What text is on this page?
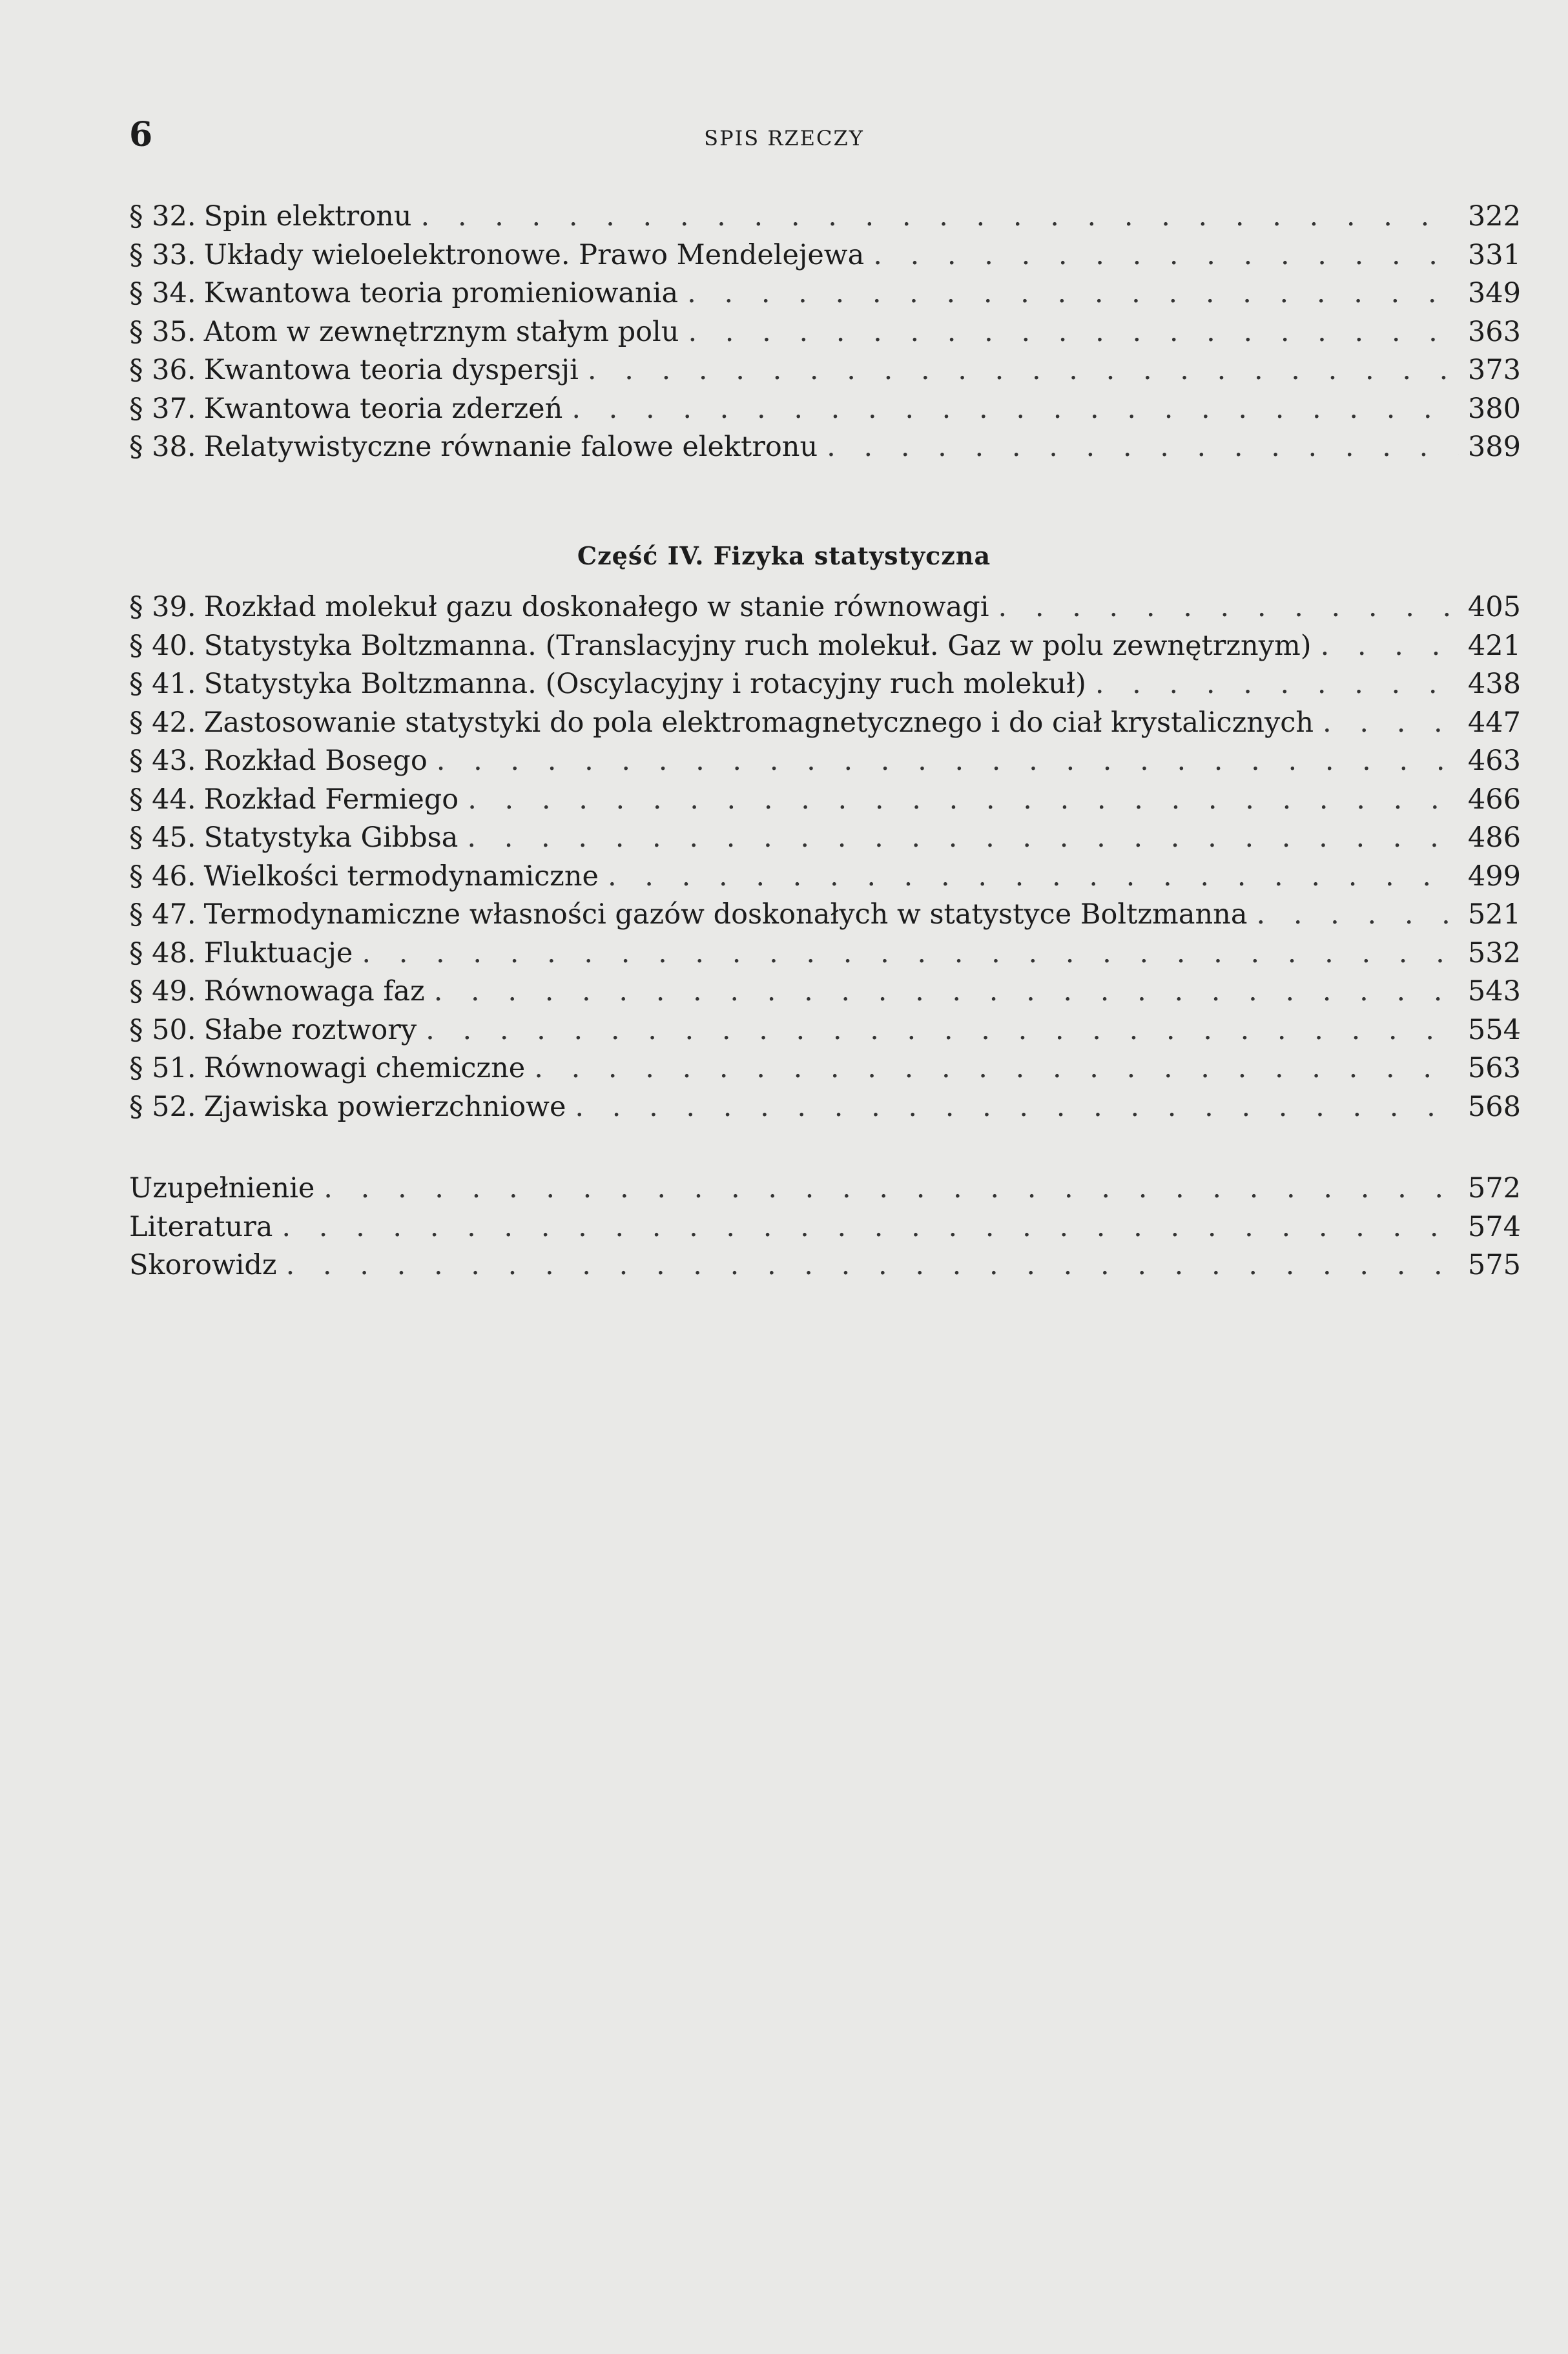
6	SPIS RZECZY
§ 32. Spin elektronu . . .	322
§ 33. Układy wieloelektronowe. Prawo Mendelejewa . . .	331
§ 34. Kwantowa teoria promieniowania . . .	349
§ 35. Atom w zewnętrznym stałym polu . . .	363
§ 36. Kwantowa teoria dyspersji . . .	373
§ 37. Kwantowa teoria zderzeń . . .	380
§ 38. Relatywistyczne równanie falowe elektronu . . .	389
Część IV. Fizyka statystyczna
§ 39. Rozkład molekuł gazu doskonałego w stanie równowagi . . .	405
§ 40. Statystyka Boltzmanna. (Translacyjny ruch molekuł. Gaz w polu zewnętrznym) . . .	421
§ 41. Statystyka Boltzmanna. (Oscylacyjny i rotacyjny ruch molekuł) . . .	438
§ 42. Zastosowanie statystyki do pola elektromagnetycznego i do ciał krystalicznych . . .	447
§ 43. Rozkład Bosego . . .	463
§ 44. Rozkład Fermiego . . .	466
§ 45. Statystyka Gibbsa . . .	486
§ 46. Wielkości termodynamiczne . . .	499
§ 47. Termodynamiczne własności gazów doskonałych w statystyce Boltzmanna . . .	521
§ 48. Fluktuacje . . .	532
§ 49. Równowaga faz . . .	543
§ 50. Słabe roztwory . . .	554
§ 51. Równowagi chemiczne . . .	563
§ 52. Zjawiska powierzchniowe . . .	568
Uzupełnienie . . .	572
Literatura . . .	574
Skorowidz . . .	575
